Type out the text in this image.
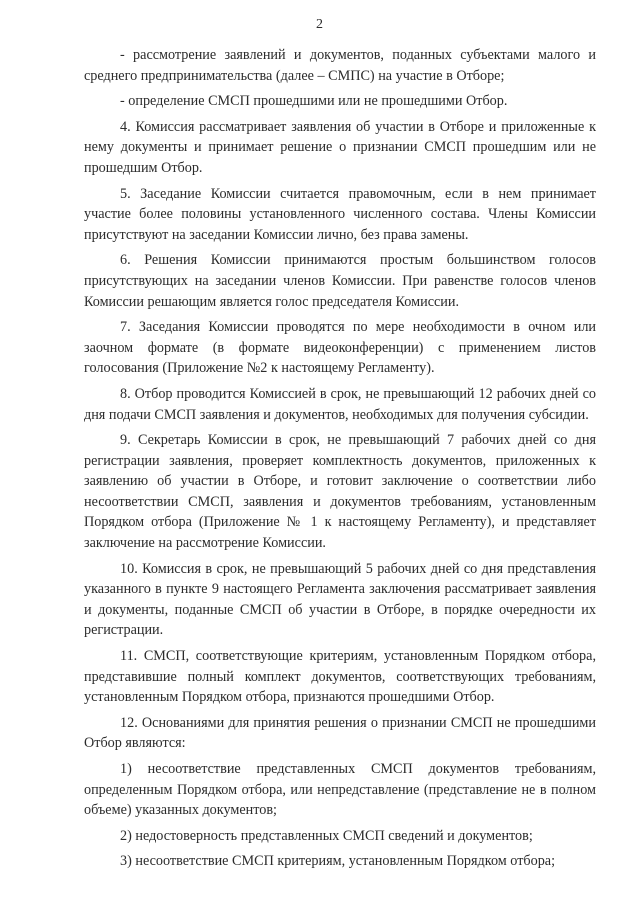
2

- рассмотрение заявлений и документов, поданных субъектами малого и среднего предпринимательства (далее – СМПС) на участие в Отборе;

- определение СМСП прошедшими или не прошедшими Отбор.

4. Комиссия рассматривает заявления об участии в Отборе и приложенные к нему документы и принимает решение о признании СМСП прошедшим или не прошедшим Отбор.

5. Заседание Комиссии считается правомочным, если в нем принимает участие более половины установленного численного состава. Члены Комиссии присутствуют на заседании Комиссии лично, без права замены.

6. Решения Комиссии принимаются простым большинством голосов присутствующих на заседании членов Комиссии. При равенстве голосов членов Комиссии решающим является голос председателя Комиссии.

7. Заседания Комиссии проводятся по мере необходимости в очном или заочном формате (в формате видеоконференции) с применением листов голосования (Приложение №2 к настоящему Регламенту).

8. Отбор проводится Комиссией в срок, не превышающий 12 рабочих дней со дня подачи СМСП заявления и документов, необходимых для получения субсидии.

9. Секретарь Комиссии в срок, не превышающий 7 рабочих дней со дня регистрации заявления, проверяет комплектность документов, приложенных к заявлению об участии в Отборе, и готовит заключение о соответствии либо несоответствии СМСП, заявления и документов требованиям, установленным Порядком отбора (Приложение № 1 к настоящему Регламенту), и представляет заключение на рассмотрение Комиссии.

10. Комиссия в срок, не превышающий 5 рабочих дней со дня представления указанного в пункте 9 настоящего Регламента заключения рассматривает заявления и документы, поданные СМСП об участии в Отборе, в порядке очередности их регистрации.

11. СМСП, соответствующие критериям, установленным Порядком отбора, представившие полный комплект документов, соответствующих требованиям, установленным Порядком отбора, признаются прошедшими Отбор.

12. Основаниями для принятия решения о признании СМСП не прошедшими Отбор являются:

1) несоответствие представленных СМСП документов требованиям, определенным Порядком отбора, или непредставление (представление не в полном объеме) указанных документов;

2) недостоверность представленных СМСП сведений и документов;

3) несоответствие СМСП критериям, установленным Порядком отбора;
